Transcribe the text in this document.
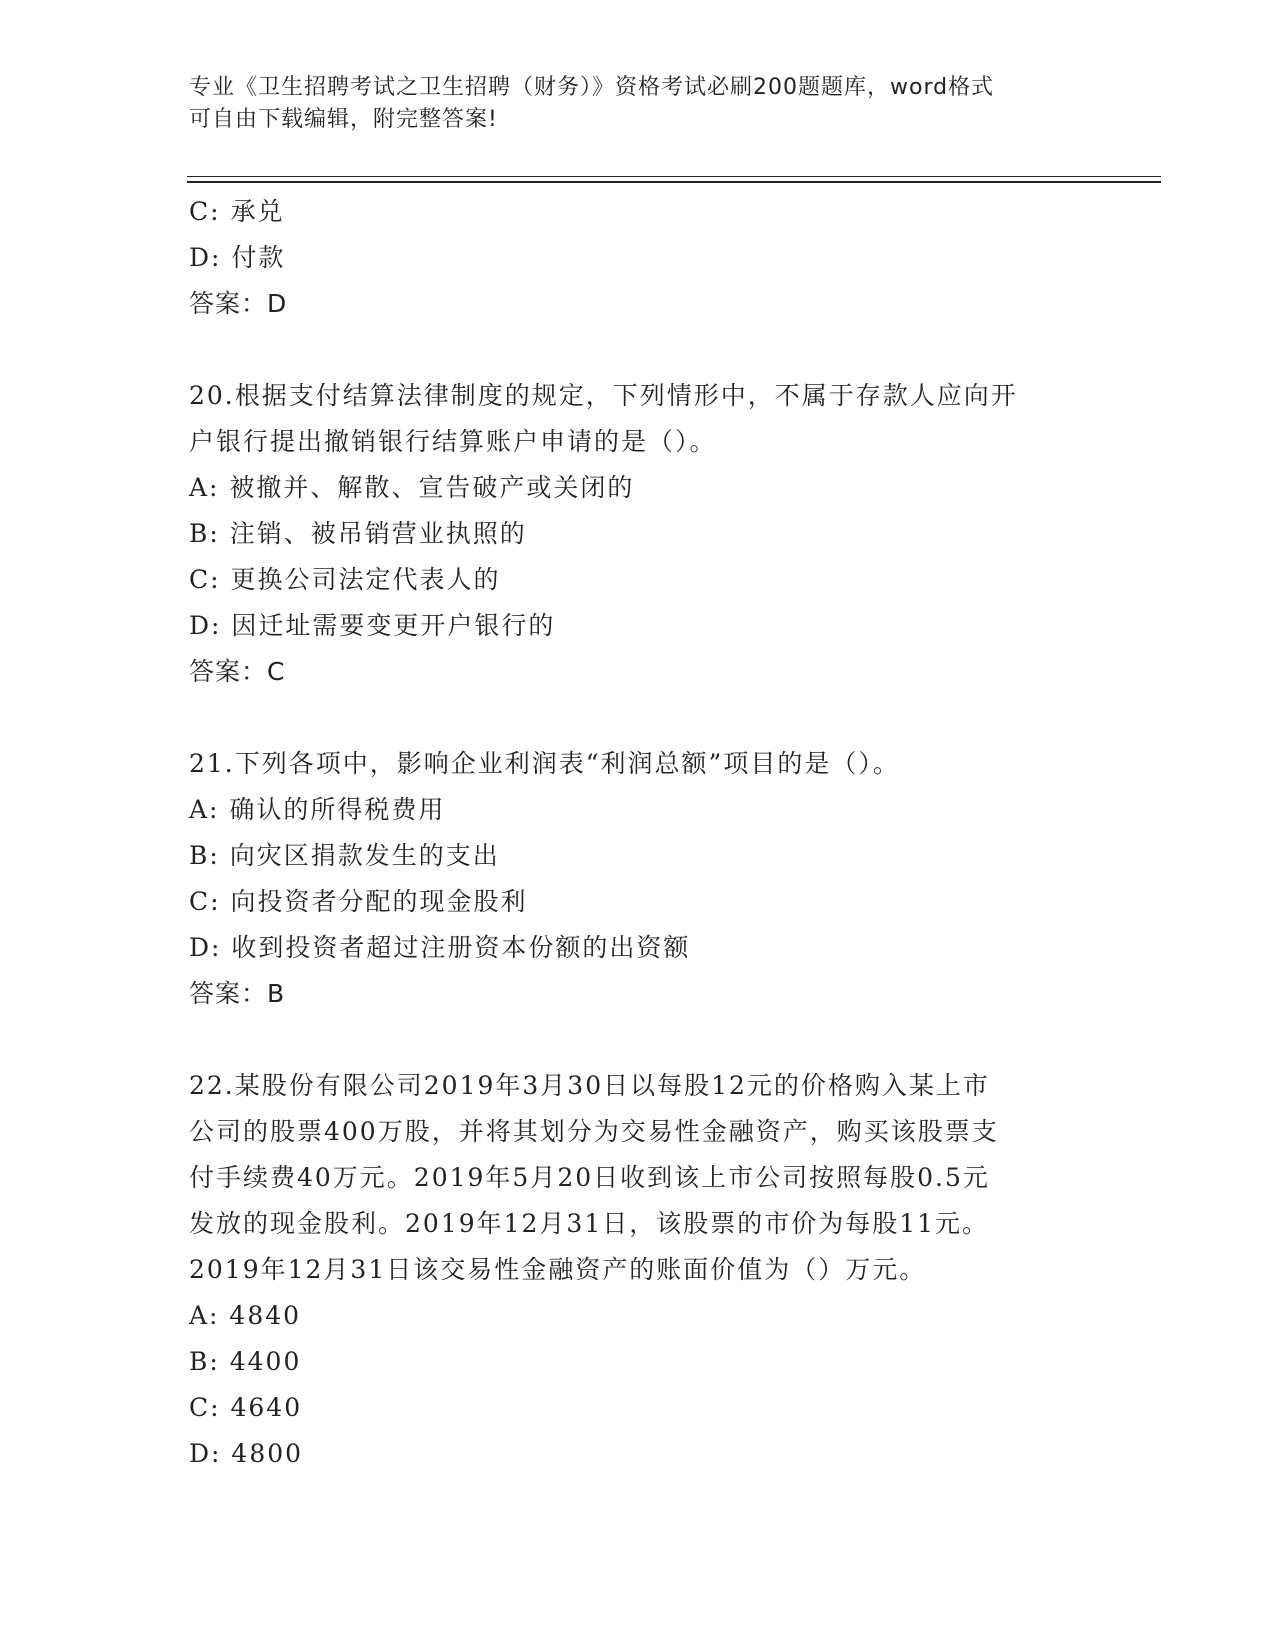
专业《卫生招聘考试之卫生招聘（财务）》资格考试必刷200题题库，word格式
可自由下载编辑，附完整答案!
C: 承兑
D: 付款
答案：D
20.根据支付结算法律制度的规定，下列情形中，不属于存款人应向开
户银行提出撤销银行结算账户申请的是（）。
A: 被撤并、解散、宣告破产或关闭的
B: 注销、被吊销营业执照的
C: 更换公司法定代表人的
D: 因迁址需要变更开户银行的
答案：C
21.下列各项中，影响企业利润表“利润总额”项目的是（）。
A: 确认的所得税费用
B: 向灾区捐款发生的支出
C: 向投资者分配的现金股利
D: 收到投资者超过注册资本份额的出资额
答案：B
22.某股份有限公司2019年3月30日以每股12元的价格购入某上市
公司的股票400万股，并将其划分为交易性金融资产，购买该股票支
付手续费40万元。2019年5月20日收到该上市公司按照每股0.5元
发放的现金股利。2019年12月31日，该股票的市价为每股11元。
2019年12月31日该交易性金融资产的账面价值为（）万元。
A: 4840
B: 4400
C: 4640
D: 4800
